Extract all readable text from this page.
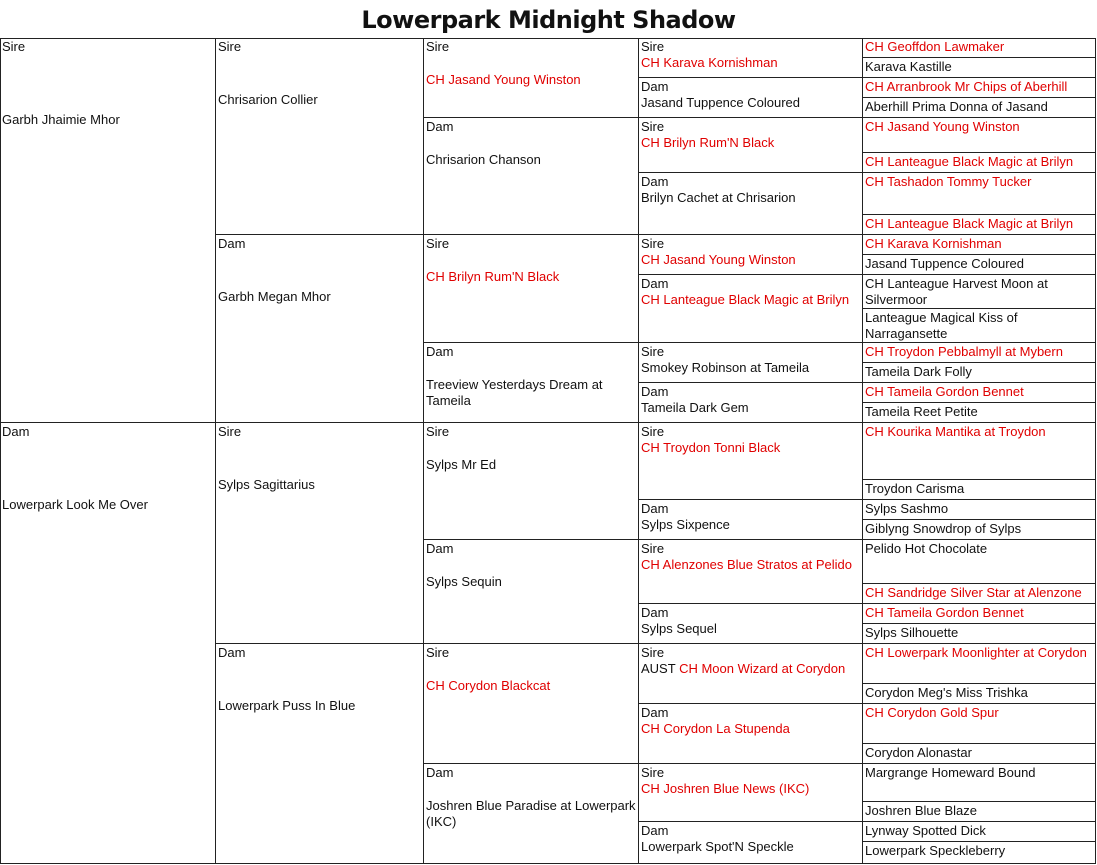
Lowerpark Midnight Shadow
Sire
Garbh Jhaimie Mhor
Dam
Lowerpark Look Me Over
Sire
Chrisarion Collier
Dam
Garbh Megan Mhor
Sire
Sylps Sagittarius
Dam
Lowerpark Puss In Blue
Sire
CH Jasand Young Winston
Dam
Chrisarion Chanson
Sire
CH Brilyn Rum'N Black
Dam
Treeview Yesterdays Dream at Tameila
Sire
Sylps Mr Ed
Dam
Sylps Sequin
Sire
CH Corydon Blackcat
Dam
Joshren Blue Paradise at Lowerpark (IKC)
Sire
CH Karava Kornishman
Dam
Jasand Tuppence Coloured
Sire
CH Brilyn Rum'N Black
Dam
Brilyn Cachet at Chrisarion
Sire
CH Jasand Young Winston
Dam
CH Lanteague Black Magic at Brilyn
Sire
Smokey Robinson at Tameila
Dam
Tameila Dark Gem
Sire
CH Troydon Tonni Black
Dam
Sylps Sixpence
Sire
CH Alenzones Blue Stratos at Pelido
Dam
Sylps Sequel
Sire
AUST CH Moon Wizard at Corydon
Dam
CH Corydon La Stupenda
Sire
CH Joshren Blue News (IKC)
Dam
Lowerpark Spot'N Speckle
CH Geoffdon Lawmaker
Karava Kastille
CH Arranbrook Mr Chips of Aberhill
Aberhill Prima Donna of Jasand
CH Jasand Young Winston
CH Lanteague Black Magic at Brilyn
CH Tashadon Tommy Tucker
CH Lanteague Black Magic at Brilyn
CH Karava Kornishman
Jasand Tuppence Coloured
CH Lanteague Harvest Moon at Silvermoor
Lanteague Magical Kiss of Narragansette
CH Troydon Pebbalmyll at Mybern
Tameila Dark Folly
CH Tameila Gordon Bennet
Tameila Reet Petite
CH Kourika Mantika at Troydon
Troydon Carisma
Sylps Sashmo
Giblyng Snowdrop of Sylps
Pelido Hot Chocolate
CH Sandridge Silver Star at Alenzone
CH Tameila Gordon Bennet
Sylps Silhouette
CH Lowerpark Moonlighter at Corydon
Corydon Meg's Miss Trishka
CH Corydon Gold Spur
Corydon Alonastar
Margrange Homeward Bound
Joshren Blue Blaze
Lynway Spotted Dick
Lowerpark Speckleberry
